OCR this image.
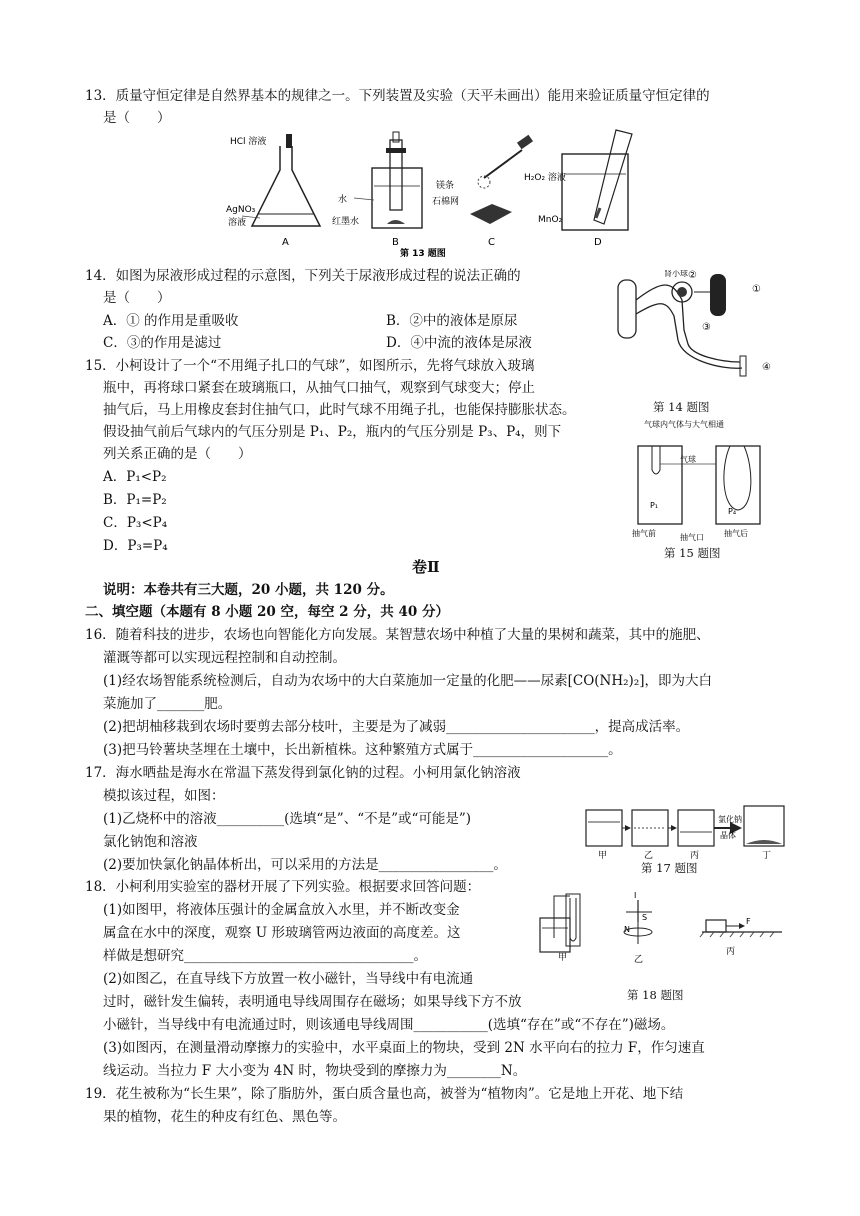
13．质量守恒定律是自然界基本的规律之一。下列装置及实验（天平未画出）能用来验证质量守恒定律的
是（　　）
HCl 溶液
AgNO₃
溶液
A
水
红墨水
B
镁条
石棉网
C
H₂O₂ 溶液
MnO₂
D
第 13 题图
14．如图为尿液形成过程的示意图，下列关于尿液形成过程的说法正确的
是（　　）
A．① 的作用是重吸收	B．②中的液体是原尿
C．③的作用是滤过	D．④中流的液体是尿液
肾小球
①
②
③
④
第 14 题图
15．小柯设计了一个“不用绳子扎口的气球”，如图所示，先将气球放入玻璃
瓶中，再将球口紧套在玻璃瓶口，从抽气口抽气，观察到气球变大；停止
抽气后，马上用橡皮套封住抽气口，此时气球不用绳子扎，也能保持膨胀状态。
假设抽气前后气球内的气压分别是 P₁、P₂，瓶内的气压分别是 P₃、P₄，则下
列关系正确的是（　　）
A．P₁<P₂
B．P₁=P₂
C．P₃<P₄
D．P₃=P₄
气球内气体与大气相通
P₁
P₄
气球
抽气前	抽气口	抽气后
第 15 题图
卷Ⅱ
说明：本卷共有三大题，20 小题，共 120 分。
二、填空题（本题有 8 小题 20 空，每空 2 分，共 40 分）
16．随着科技的进步，农场也向智能化方向发展。某智慧农场中种植了大量的果树和蔬菜，其中的施肥、
灌溉等都可以实现远程控制和自动控制。
(1)经农场智能系统检测后，自动为农场中的大白菜施加一定量的化肥——尿素[CO(NH₂)₂]，即为大白
菜施加了_______肥。
(2)把胡柚移栽到农场时要剪去部分枝叶，主要是为了减弱______________________，提高成活率。
(3)把马铃薯块茎埋在土壤中，长出新植株。这种繁殖方式属于____________________。
17．海水晒盐是海水在常温下蒸发得到氯化钠的过程。小柯用氯化钠溶液
模拟该过程，如图：
(1)乙烧杯中的溶液__________(选填“是”、“不是”或“可能是”)
氯化钠饱和溶液
(2)要加快氯化钠晶体析出，可以采用的方法是_________________。
氯化钠
晶体
甲	乙	丙	丁
第 17 题图
18．小柯利用实验室的器材开展了下列实验。根据要求回答问题：
(1)如图甲，将液体压强计的金属盒放入水里，并不断改变金
属盒在水中的深度，观察 U 形玻璃管两边液面的高度差。这
样做是想研究__________________________________。
(2)如图乙，在直导线下方放置一枚小磁针，当导线中有电流通
过时，磁针发生偏转，表明通电导线周围存在磁场；如果导线下方不放
小磁针，当导线中有电流通过时，则该通电导线周围___________(选填“存在”或“不存在”)磁场。
(3)如图丙，在测量滑动摩擦力的实验中，水平桌面上的物块，受到 2N 水平向右的拉力 F，作匀速直
线运动。当拉力 F 大小变为 4N 时，物块受到的摩擦力为________N。
I
S
N
F
甲	乙
丙
第 18 题图
19．花生被称为“长生果”，除了脂肪外，蛋白质含量也高，被誉为“植物肉”。它是地上开花、地下结
果的植物，花生的种皮有红色、黑色等。
